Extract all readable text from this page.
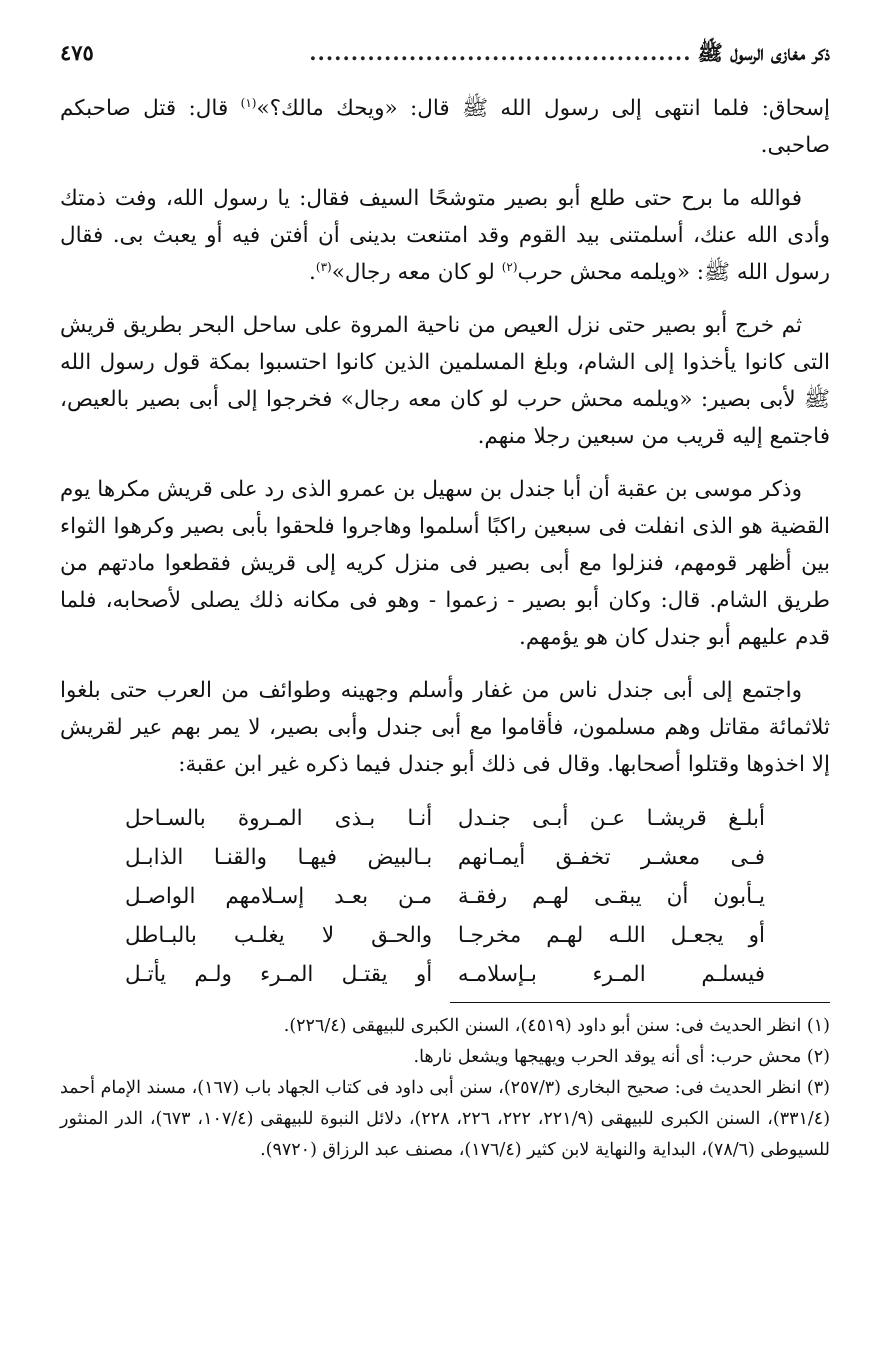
ذكر مغازى الرسول ﷺ
..............................................
٤٧٥

إسحاق: فلما انتهى إلى رسول الله ﷺ قال: «ويحك مالك؟»$^{(١)}$ قال: قتل صاحبكم صاحبى.

فوالله ما برح حتى طلع أبو بصير متوشحًا السيف فقال: يا رسول الله، وفت ذمتك وأدى الله عنك، أسلمتنى بيد القوم وقد امتنعت بدينى أن أفتن فيه أو يعبث بى. فقال رسول الله ﷺ: «ويلمه محش حرب$^{(٢)}$ لو كان معه رجال»$^{(٣)}$.

ثم خرج أبو بصير حتى نزل العيص من ناحية المروة على ساحل البحر بطريق قريش التى كانوا يأخذوا إلى الشام، وبلغ المسلمين الذين كانوا احتسبوا بمكة قول رسول الله ﷺ لأبى بصير: «ويلمه محش حرب لو كان معه رجال» فخرجوا إلى أبى بصير بالعيص، فاجتمع إليه قريب من سبعين رجلا منهم.

وذكر موسى بن عقبة أن أبا جندل بن سهيل بن عمرو الذى رد على قريش مكرها يوم القضية هو الذى انفلت فى سبعين راكبًا أسلموا وهاجروا فلحقوا بأبى بصير وكرهوا الثواء بين أظهر قومهم، فنزلوا مع أبى بصير فى منزل كريه إلى قريش فقطعوا مادتهم من طريق الشام. قال: وكان أبو بصير - زعموا - وهو فى مكانه ذلك يصلى لأصحابه، فلما قدم عليهم أبو جندل كان هو يؤمهم.

واجتمع إلى أبى جندل ناس من غفار وأسلم وجهينه وطوائف من العرب حتى بلغوا ثلاثمائة مقاتل وهم مسلمون، فأقاموا مع أبى جندل وأبى بصير، لا يمر بهم عير لقريش إلا اخذوها وقتلوا أصحابها. وقال فى ذلك أبو جندل فيما ذكره غير ابن عقبة:

أبلـغ قريشـا عـن أبـى جنـدل
أنـا بـذى المـروة بالسـاحل
فـى معشـر تخفـق أيمـانهم
بـالبيض فيهـا والقنـا الذابـل
يـأبون أن يبقـى لهـم رفقـة
مـن بعـد إسـلامهم الواصـل
أو يجعـل اللـه لهـم مخرجـا
والحـق لا يغلـب بالبـاطل
فيسلـم المـرء بـإسلامـه
أو يقتـل المـرء ولـم يأتـل
(١) انظر الحديث فى: سنن أبو داود (٤٥١٩)، السنن الكبرى للبيهقى (٢٢٦/٤).
(٢) محش حرب: أى أنه يوقد الحرب ويهيجها ويشعل نارها.
(٣) انظر الحديث فى: صحيح البخارى (٢٥٧/٣)، سنن أبى داود فى كتاب الجهاد باب (١٦٧)، مسند الإمام أحمد (٣٣١/٤)، السنن الكبرى للبيهقى (٢٢١/٩، ٢٢٢، ٢٢٦، ٢٢٨)، دلائل النبوة للبيهقى (١٠٧/٤، ٦٧٣)، الدر المنثور للسيوطى (٧٨/٦)، البداية والنهاية لابن كثير (١٧٦/٤)، مصنف عبد الرزاق (٩٧٢٠).
